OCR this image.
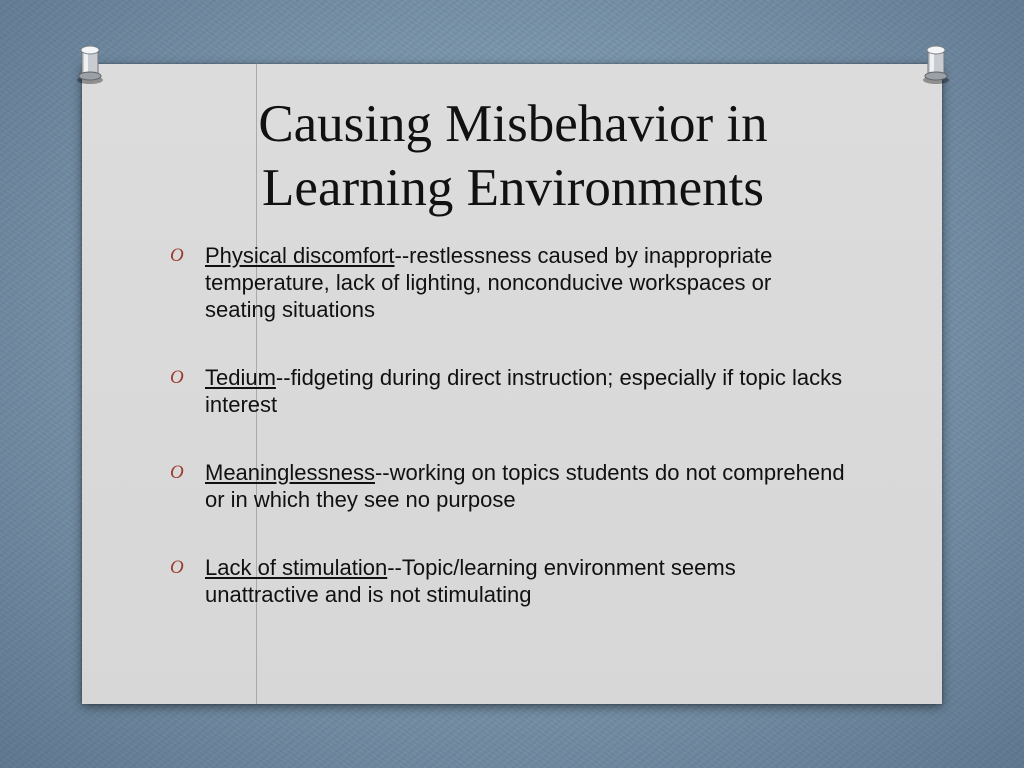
Causing Misbehavior in
Learning Environments
O Physical discomfort--restlessness caused by inappropriate temperature, lack of lighting, nonconducive workspaces or seating situations
O Tedium--fidgeting during direct instruction; especially if topic lacks interest
O Meaninglessness--working on topics students do not comprehend or in which they see no purpose
O Lack of stimulation--Topic/learning environment seems unattractive and is not stimulating
